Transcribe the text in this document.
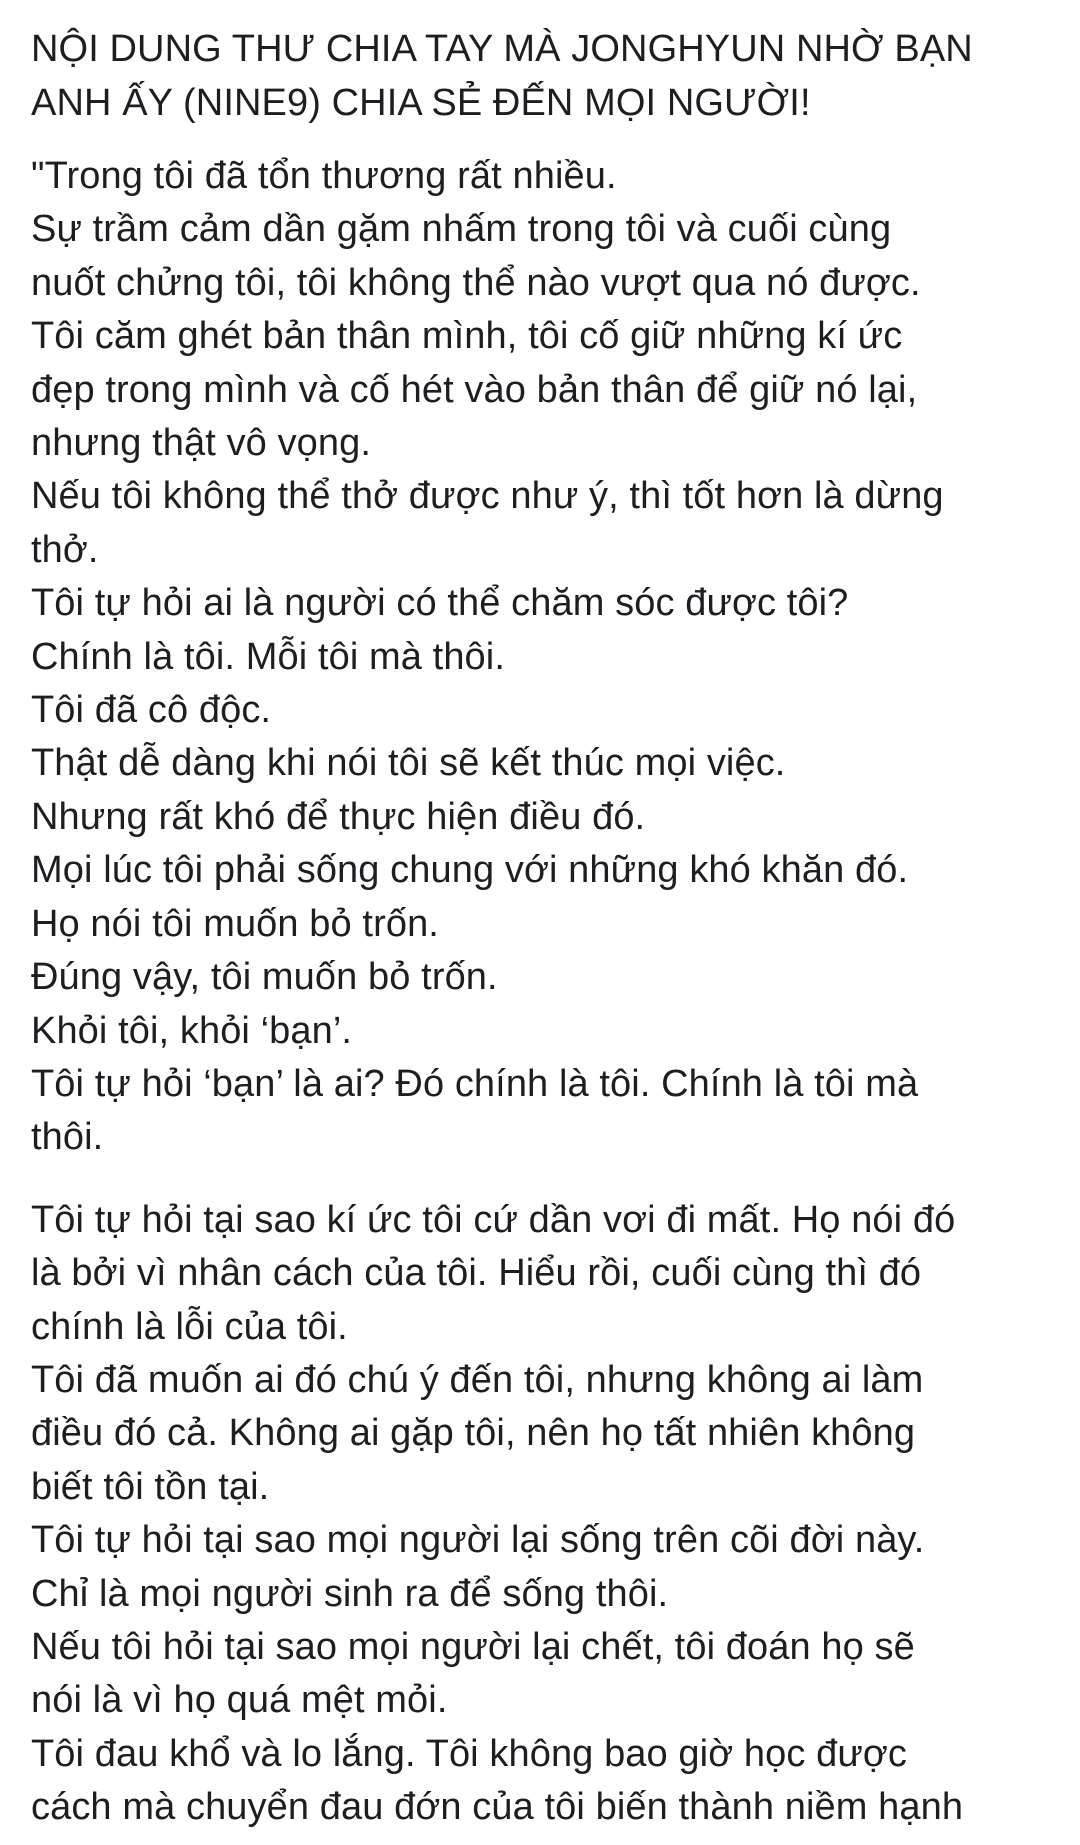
NỘI DUNG THƯ CHIA TAY MÀ JONGHYUN NHỜ BẠN
ANH ẤY (NINE9) CHIA SẺ ĐẾN MỌI NGƯỜI!
"Trong tôi đã tổn thương rất nhiều.
Sự trầm cảm dần gặm nhấm trong tôi và cuối cùng
nuốt chửng tôi, tôi không thể nào vượt qua nó được.
Tôi căm ghét bản thân mình, tôi cố giữ những kí ức
đẹp trong mình và cố hét vào bản thân để giữ nó lại,
nhưng thật vô vọng.
Nếu tôi không thể thở được như ý, thì tốt hơn là dừng
thở.
Tôi tự hỏi ai là người có thể chăm sóc được tôi?
Chính là tôi. Mỗi tôi mà thôi.
Tôi đã cô độc.
Thật dễ dàng khi nói tôi sẽ kết thúc mọi việc.
Nhưng rất khó để thực hiện điều đó.
Mọi lúc tôi phải sống chung với những khó khăn đó.
Họ nói tôi muốn bỏ trốn.
Đúng vậy, tôi muốn bỏ trốn.
Khỏi tôi, khỏi ‘bạn’.
Tôi tự hỏi ‘bạn’ là ai? Đó chính là tôi. Chính là tôi mà
thôi.
Tôi tự hỏi tại sao kí ức tôi cứ dần vơi đi mất. Họ nói đó
là bởi vì nhân cách của tôi. Hiểu rồi, cuối cùng thì đó
chính là lỗi của tôi.
Tôi đã muốn ai đó chú ý đến tôi, nhưng không ai làm
điều đó cả. Không ai gặp tôi, nên họ tất nhiên không
biết tôi tồn tại.
Tôi tự hỏi tại sao mọi người lại sống trên cõi đời này.
Chỉ là mọi người sinh ra để sống thôi.
Nếu tôi hỏi tại sao mọi người lại chết, tôi đoán họ sẽ
nói là vì họ quá mệt mỏi.
Tôi đau khổ và lo lắng. Tôi không bao giờ học được
cách mà chuyển đau đớn của tôi biến thành niềm hạnh
